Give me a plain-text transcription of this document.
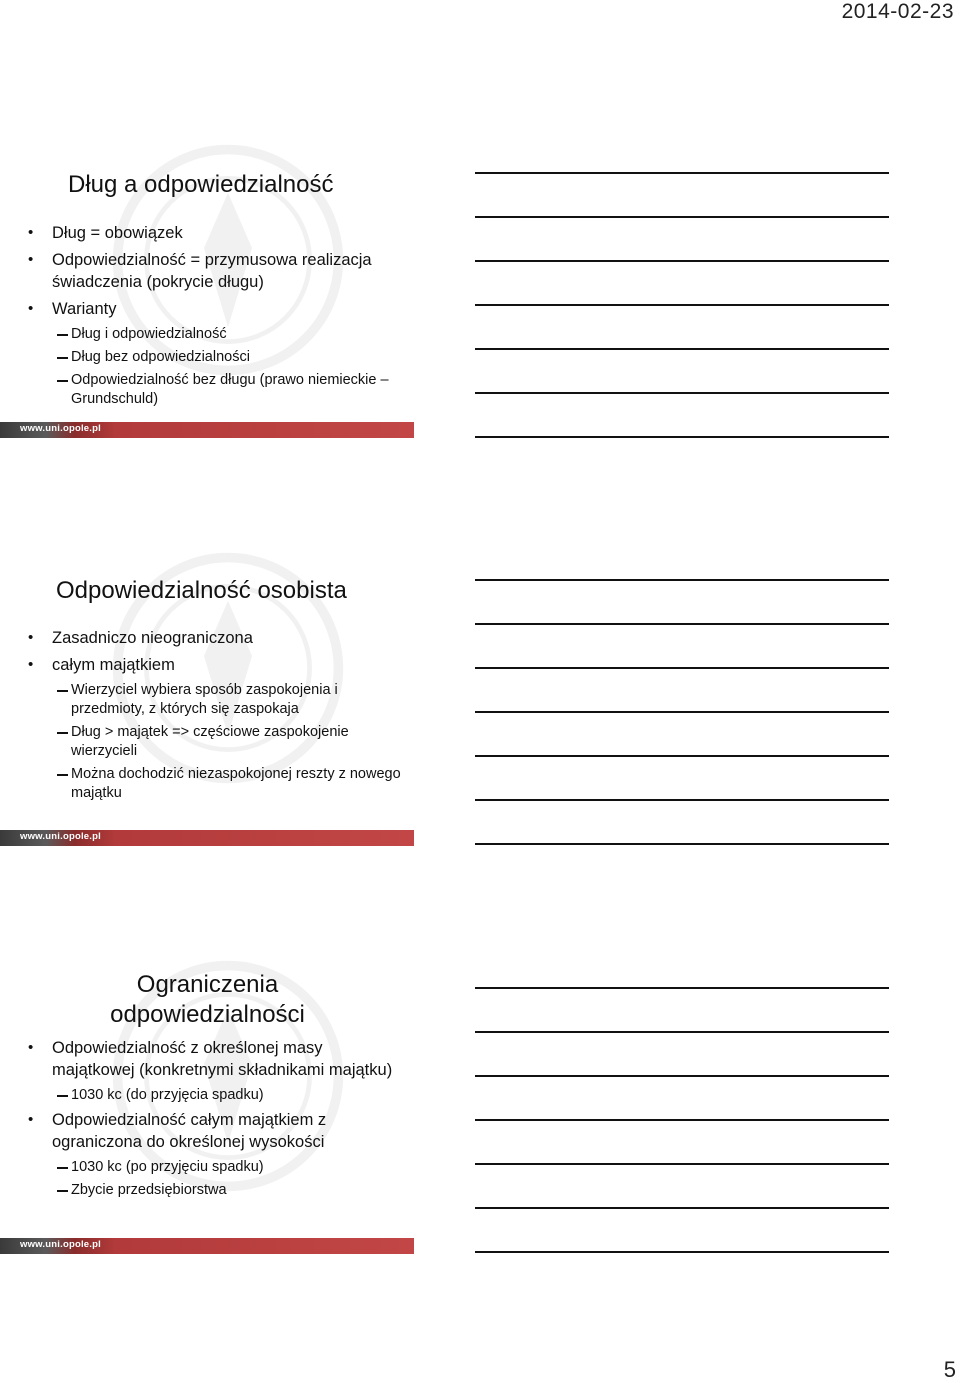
2014-02-23
Dług a odpowiedzialność
• Dług = obowiązek
• Odpowiedzialność = przymusowa realizacja świadczenia (pokrycie długu)
• Warianty
Dług i odpowiedzialność
Dług bez odpowiedzialności
Odpowiedzialność bez długu (prawo niemieckie – Grundschuld)
www.uni.opole.pl
Odpowiedzialność osobista
• Zasadniczo nieograniczona
• całym majątkiem
Wierzyciel wybiera sposób zaspokojenia i przedmioty, z których się zaspokaja
Dług > majątek => częściowe zaspokojenie wierzycieli
Można dochodzić niezaspokojonej reszty z nowego majątku
www.uni.opole.pl
Ograniczenia odpowiedzialności
• Odpowiedzialność z określonej masy majątkowej (konkretnymi składnikami majątku)
1030 kc (do przyjęcia spadku)
• Odpowiedzialność całym majątkiem z ograniczona do określonej wysokości
1030 kc (po przyjęciu spadku)
Zbycie przedsiębiorstwa
www.uni.opole.pl
5
